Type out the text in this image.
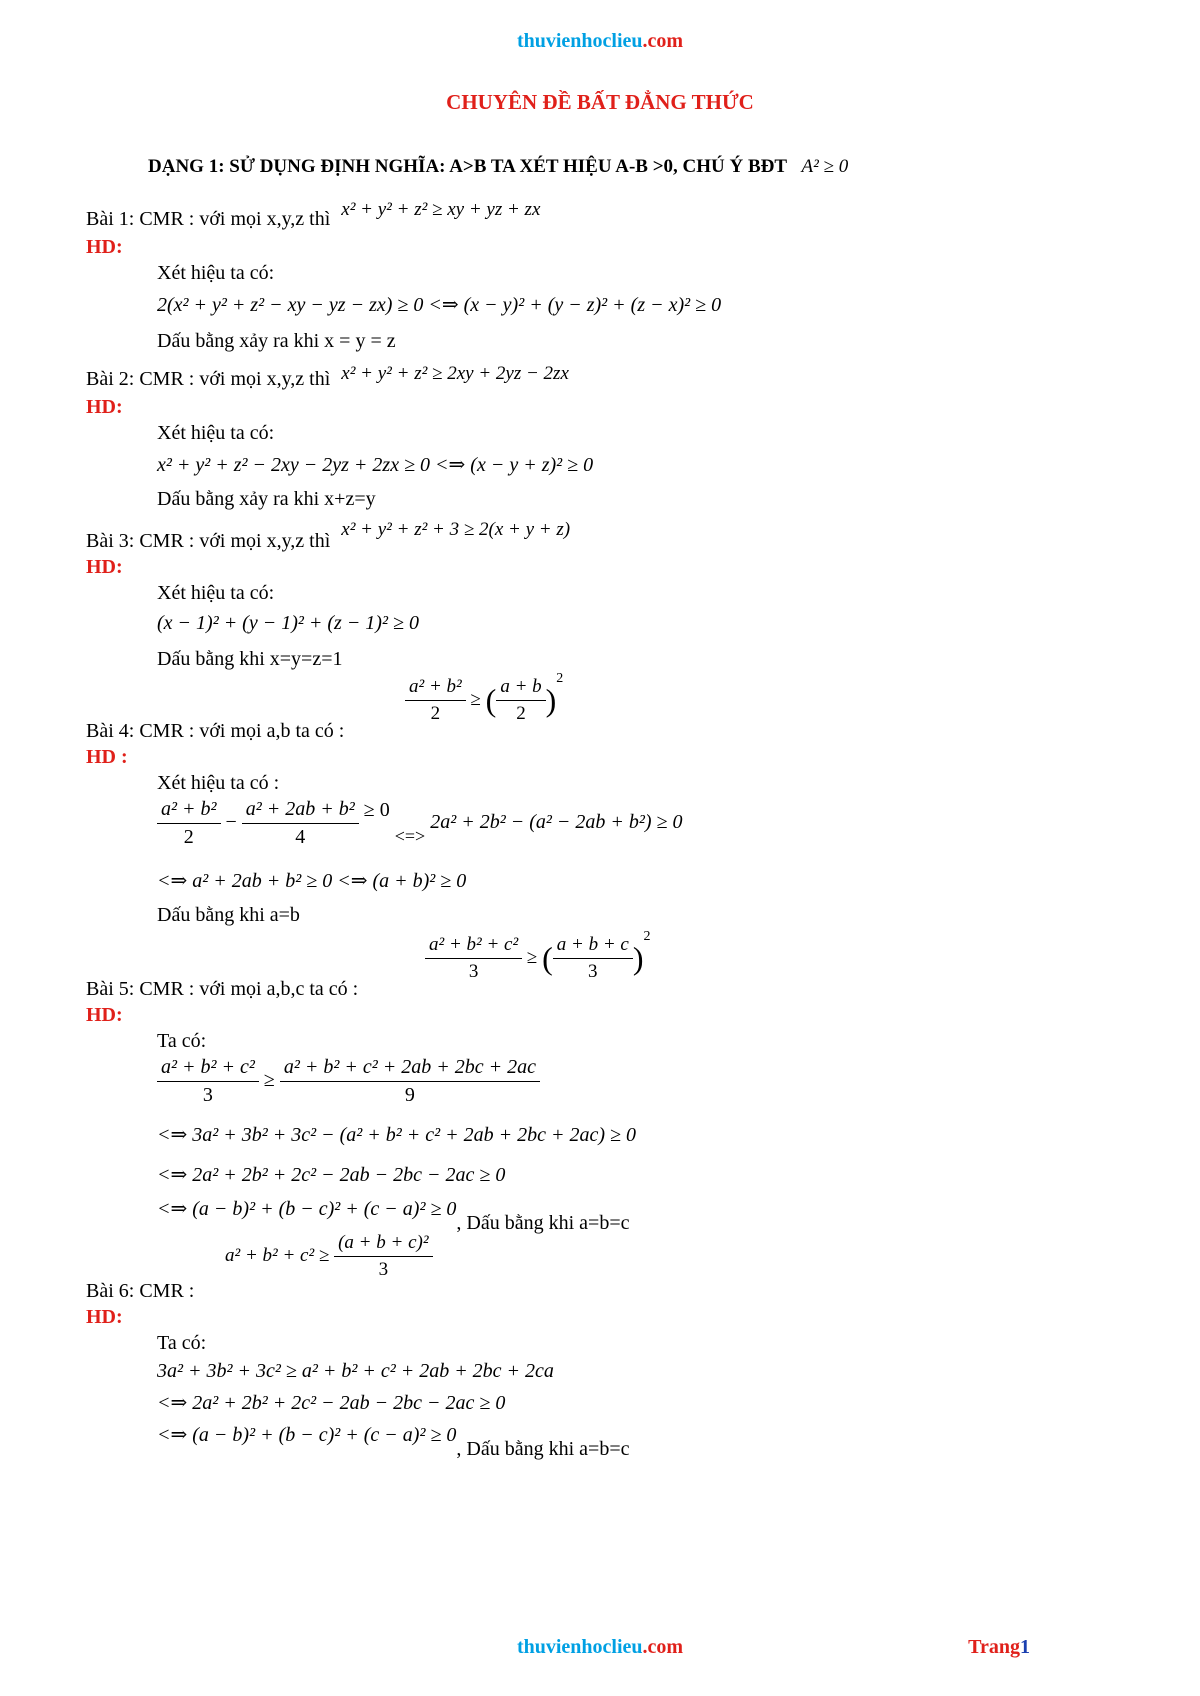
thuvienhoclieu.com
CHUYÊN ĐỀ BẤT ĐẲNG THỨC
DẠNG 1: SỬ DỤNG ĐỊNH NGHĨA: A>B TA XÉT HIỆU A-B >0, CHÚ Ý BĐT A² ≥ 0
Bài 1: CMR : với mọi x,y,z thì x² + y² + z² ≥ xy + yz + zx
HD:
Xét hiệu ta có:
2(x² + y² + z² − xy − yz − zx) ≥ 0 <⇒ (x − y)² + (y − z)² + (z − x)² ≥ 0
Dấu bằng xảy ra khi x = y = z
Bài 2: CMR : với mọi x,y,z thì x² + y² + z² ≥ 2xy + 2yz − 2zx
HD:
Xét hiệu ta có:
x² + y² + z² − 2xy − 2yz + 2zx ≥ 0 <⇒ (x − y + z)² ≥ 0
Dấu bằng xảy ra khi x+z=y
Bài 3: CMR : với mọi x,y,z thì x² + y² + z² + 3 ≥ 2(x + y + z)
HD:
Xét hiệu ta có:
(x − 1)² + (y − 1)² + (z − 1)² ≥ 0
Dấu bằng khi x=y=z=1
$\frac{\text{a² + b²}}{2}$ ≥ ( $\frac{a + b}{2} )^2$
Bài 4: CMR : với mọi a,b ta có :
HD :
Xét hiệu ta có :
$\frac{\text{a² + b²}}{2} - \frac{\text{a² + 2ab + b²}}{4} \ge 0$ <=> 2a² + 2b² − (a² − 2ab + b²) ≥ 0
<⇒ a² + 2ab + b² ≥ 0 <⇒ (a + b)² ≥ 0
Dấu bằng khi a=b
$\frac{\text{a² + b² + c²}}{3}$ ≥ ( $\frac{a + b + c}{3} )^2$
Bài 5: CMR : với mọi a,b,c ta có :
HD:
Ta có:
$\frac{\text{a² + b² + c²}}{3} \ge \frac{\text{a² + b² + c² + 2ab + 2bc + 2ac}}{9}$
<⇒ 3a² + 3b² + 3c² − (a² + b² + c² + 2ab + 2bc + 2ac) ≥ 0
<⇒ 2a² + 2b² + 2c² − 2ab − 2bc − 2ac ≥ 0
<⇒ (a − b)² + (b − c)² + (c − a)² ≥ 0, Dấu bằng khi a=b=c
$a^2 + b^2 + c^2 \ge \frac{\text{(a + b + c)²}}{3}$
Bài 6: CMR :
HD:
Ta có:
3a² + 3b² + 3c² ≥ a² + b² + c² + 2ab + 2bc + 2ca
<⇒ 2a² + 2b² + 2c² − 2ab − 2bc − 2ac ≥ 0
<⇒ (a − b)² + (b − c)² + (c − a)² ≥ 0, Dấu bằng khi a=b=c
thuvienhoclieu.com	Trang1
